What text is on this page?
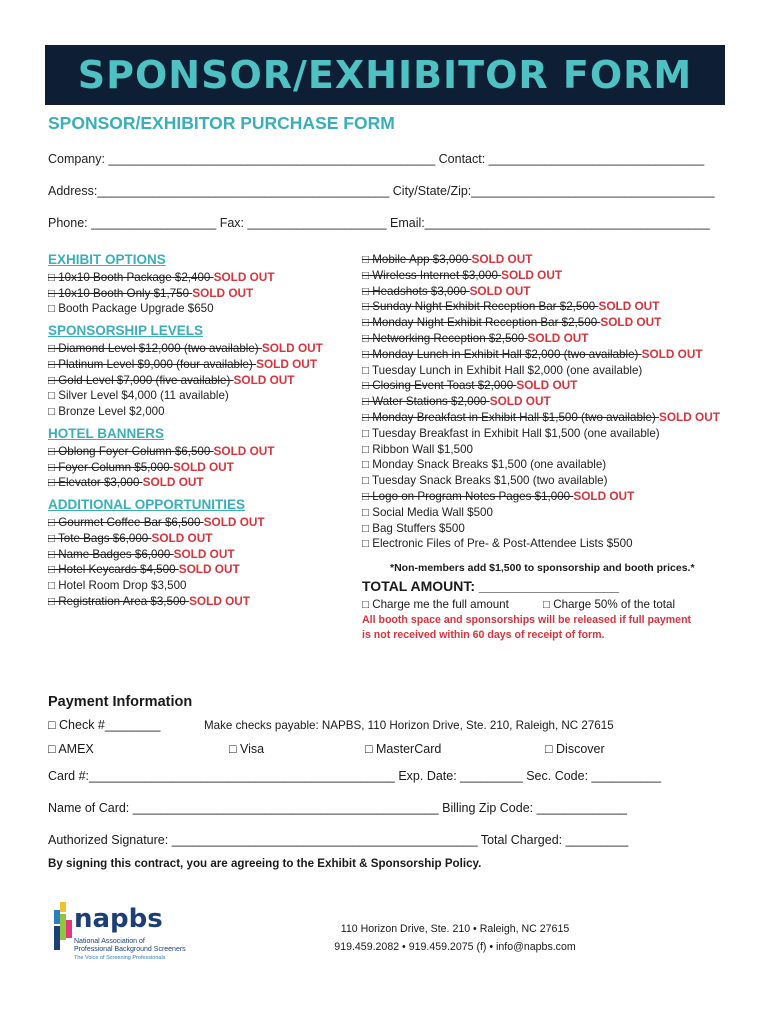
SPONSOR/EXHIBITOR FORM
SPONSOR/EXHIBITOR PURCHASE FORM
Company: _______________________________________________ Contact: _______________________________
Address:__________________________________________ City/State/Zip:___________________________________
Phone: __________________ Fax: ____________________ Email:_________________________________________
EXHIBIT OPTIONS
□ 10x10 Booth Package $2,400 SOLD OUT
□ 10x10 Booth Only $1,750 SOLD OUT
□ Booth Package Upgrade $650
SPONSORSHIP LEVELS
□ Diamond Level $12,000 (two available) SOLD OUT
□ Platinum Level $9,000 (four available) SOLD OUT
□ Gold Level $7,000 (five available) SOLD OUT
□ Silver Level $4,000 (11 available)
□ Bronze Level $2,000
HOTEL BANNERS
□ Oblong Foyer Column $6,500 SOLD OUT
□ Foyer Column $5,000 SOLD OUT
□ Elevator $3,000 SOLD OUT
ADDITIONAL OPPORTUNITIES
□ Gourmet Coffee Bar $6,500 SOLD OUT
□ Tote Bags $6,000 SOLD OUT
□ Name Badges $6,000 SOLD OUT
□ Hotel Keycards $4,500 SOLD OUT
□ Hotel Room Drop $3,500
□ Registration Area $3,500 SOLD OUT
□ Mobile App $3,000 SOLD OUT
□ Wireless Internet $3,000 SOLD OUT
□ Headshots $3,000 SOLD OUT
□ Sunday Night Exhibit Reception Bar $2,500 SOLD OUT
□ Monday Night Exhibit Reception Bar $2,500 SOLD OUT
□ Networking Reception $2,500 SOLD OUT
□ Monday Lunch in Exhibit Hall $2,000 (two available) SOLD OUT
□ Tuesday Lunch in Exhibit Hall $2,000 (one available)
□ Closing Event Toast $2,000 SOLD OUT
□ Water Stations $2,000 SOLD OUT
□ Monday Breakfast in Exhibit Hall $1,500 (two available) SOLD OUT
□ Tuesday Breakfast in Exhibit Hall $1,500 (one available)
□ Ribbon Wall $1,500
□ Monday Snack Breaks $1,500 (one available)
□ Tuesday Snack Breaks $1,500 (two available)
□ Logo on Program Notes Pages $1,000 SOLD OUT
□ Social Media Wall $500
□ Bag Stuffers $500
□ Electronic Files of Pre- & Post-Attendee Lists $500
*Non-members add $1,500 to sponsorship and booth prices.*
TOTAL AMOUNT: __________________
□ Charge me the full amount	□ Charge 50% of the total
All booth space and sponsorships will be released if full payment is not received within 60 days of receipt of form.
Payment Information
□ Check #________	Make checks payable: NAPBS, 110 Horizon Drive, Ste. 210, Raleigh, NC 27615
□ AMEX	□ Visa	□ MasterCard	□ Discover
Card #:____________________________________________ Exp. Date: _________ Sec. Code: __________
Name of Card: ____________________________________________ Billing Zip Code: _____________
Authorized Signature: ____________________________________________ Total Charged: _________
By signing this contract, you are agreeing to the Exhibit & Sponsorship Policy.
napbs
National Association of
Professional Background Screeners
The Voice of Screening Professionals
110 Horizon Drive, Ste. 210 • Raleigh, NC 27615
919.459.2082 • 919.459.2075 (f) • info@napbs.com
